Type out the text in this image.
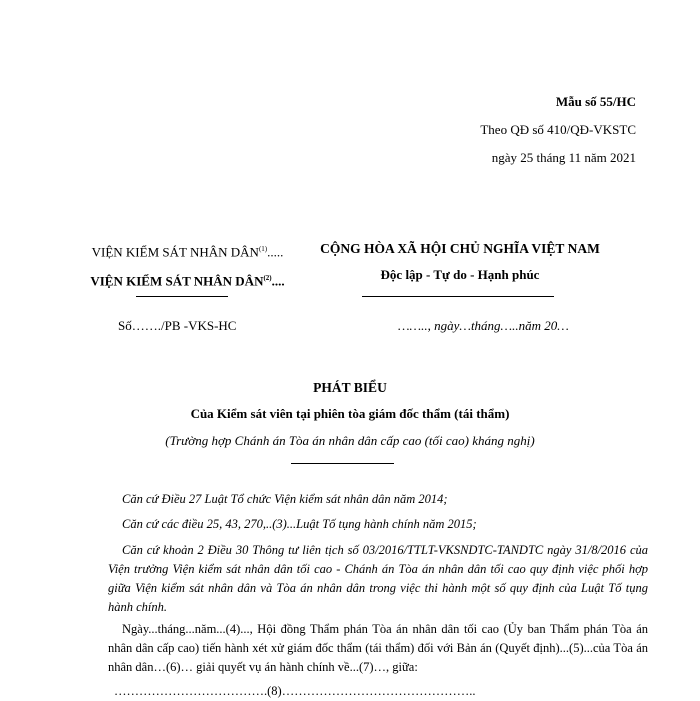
Mẫu số 55/HC
Theo QĐ số 410/QĐ-VKSTC
ngày 25 tháng 11 năm 2021
VIỆN KIỂM SÁT NHÂN DÂN$^{(1)}$.....
VIỆN KIỂM SÁT NHÂN DÂN$^{(2)}$....
CỘNG HÒA XÃ HỘI CHỦ NGHĨA VIỆT NAM
Độc lập - Tự do - Hạnh phúc
Số……./PB -VKS-HC	…….., ngày…tháng…..năm 20…
PHÁT BIỂU
Của Kiểm sát viên tại phiên tòa giám đốc thẩm (tái thẩm)
(Trường hợp Chánh án Tòa án nhân dân cấp cao (tối cao) kháng nghị)
Căn cứ Điều 27 Luật Tổ chức Viện kiểm sát nhân dân năm 2014;
Căn cứ các điều 25, 43, 270,..(3)...Luật Tố tụng hành chính năm 2015;
Căn cứ khoản 2 Điều 30 Thông tư liên tịch số 03/2016/TTLT-VKSNDTC-TANDTC ngày 31/8/2016 của Viện trưởng Viện kiểm sát nhân dân tối cao - Chánh án Tòa án nhân dân tối cao quy định việc phối hợp giữa Viện kiểm sát nhân dân và Tòa án nhân dân trong việc thi hành một số quy định của Luật Tố tụng hành chính.
Ngày...tháng...năm...(4)..., Hội đồng Thẩm phán Tòa án nhân dân tối cao (Ủy ban Thẩm phán Tòa án nhân dân cấp cao) tiến hành xét xử giám đốc thẩm (tái thẩm) đối với Bản án (Quyết định)...(5)...của Tòa án nhân dân…(6)… giải quyết vụ án hành chính về...(7)…, giữa:
……………………………….(8)………………………………………..
